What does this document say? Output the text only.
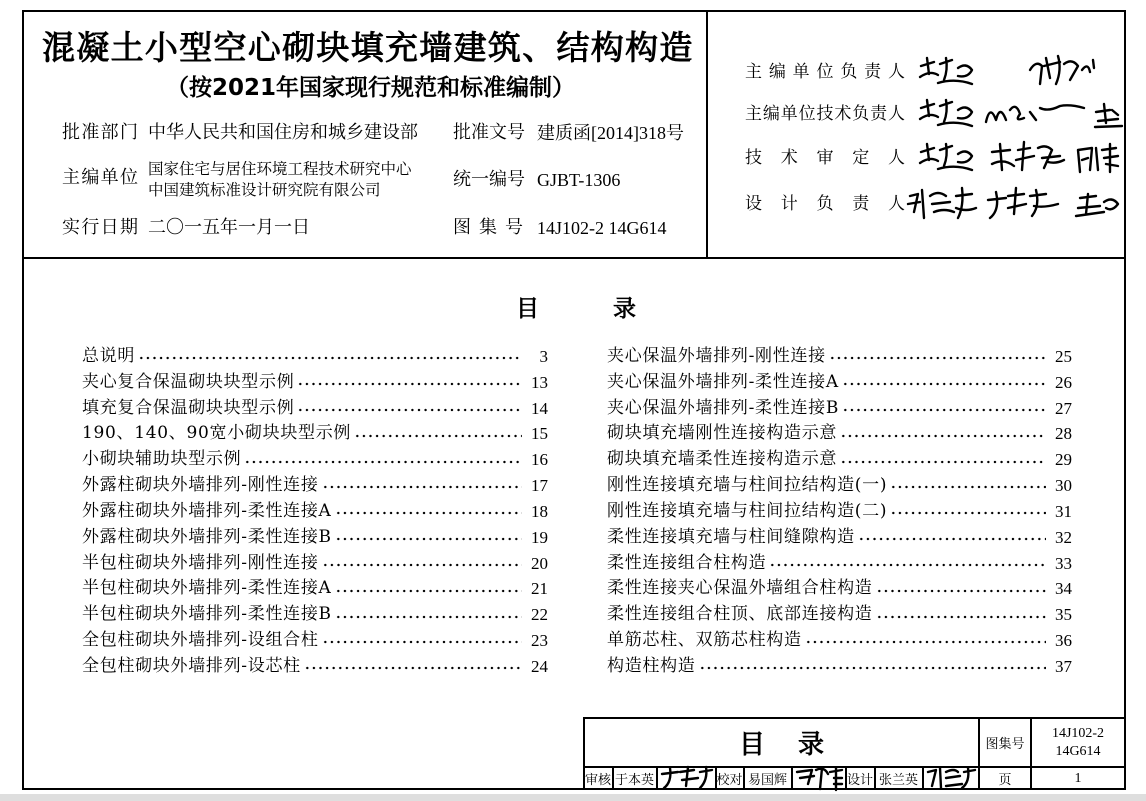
混凝土小型空心砌块填充墙建筑、结构构造
（按2021年国家现行规范和标准编制）
批准部门 中华人民共和国住房和城乡建设部 批准文号 建质函[2014]318号
主编单位 国家住宅与居住环境工程技术研究中心
中国建筑标准设计研究院有限公司	统一编号 GJBT-1306
实行日期 二〇一五年一月一日	图 集 号 14J102-2 14G614
主 编 单 位 负 责 人
主编单位技术负责人
技 术 审 定 人
设 计 负 责 人
目 录
总说明	3
夹心复合保温砌块块型示例	13
填充复合保温砌块块型示例	14
190、140、90宽小砌块块型示例	15
小砌块辅助块型示例	16
外露柱砌块外墙排列-刚性连接	17
外露柱砌块外墙排列-柔性连接A	18
外露柱砌块外墙排列-柔性连接B	19
半包柱砌块外墙排列-刚性连接	20
半包柱砌块外墙排列-柔性连接A	21
半包柱砌块外墙排列-柔性连接B	22
全包柱砌块外墙排列-设组合柱	23
全包柱砌块外墙排列-设芯柱	24
夹心保温外墙排列-刚性连接	25
夹心保温外墙排列-柔性连接A	26
夹心保温外墙排列-柔性连接B	27
砌块填充墙刚性连接构造示意	28
砌块填充墙柔性连接构造示意	29
刚性连接填充墙与柱间拉结构造(一)	30
刚性连接填充墙与柱间拉结构造(二)	31
柔性连接填充墙与柱间缝隙构造	32
柔性连接组合柱构造	33
柔性连接夹心保温外墙组合柱构造	34
柔性连接组合柱顶、底部连接构造	35
单筋芯柱、双筋芯柱构造	36
构造柱构造	37
目 录	图集号
14J102-2
14G614
审核 于本英	校对 易国辉	设计 张兰英	页	1
